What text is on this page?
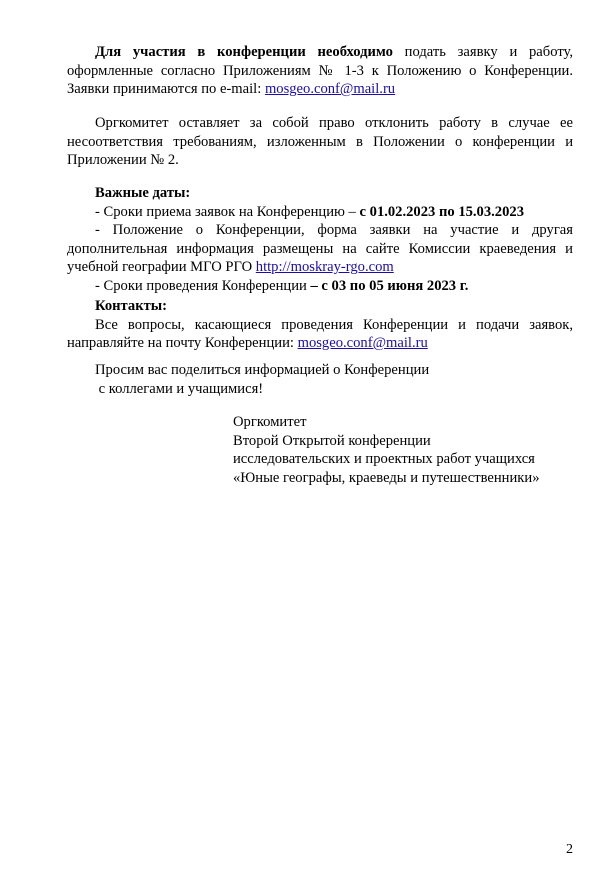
Для участия в конференции необходимо подать заявку и работу,
оформленные согласно Приложениям № 1-3 к Положению о Конференции.
Заявки принимаются по e-mail: mosgeo.conf@mail.ru
Оргкомитет оставляет за собой право отклонить работу в случае ее
несоответствия требованиям, изложенным в Положении о конференции и
Приложении № 2.
Важные даты:
- Сроки приема заявок на Конференцию – с 01.02.2023 по 15.03.2023
- Положение о Конференции, форма заявки на участие и другая
дополнительная информация размещены на сайте Комиссии краеведения и
учебной географии МГО РГО http://moskray-rgo.com
- Сроки проведения Конференции – с 03 по 05 июня 2023 г.
Контакты:
Все вопросы, касающиеся проведения Конференции и подачи заявок,
направляйте на почту Конференции: mosgeo.conf@mail.ru
Просим вас поделиться информацией о Конференции
с коллегами и учащимися!
Оргкомитет
Второй Открытой конференции
исследовательских и проектных работ учащихся
«Юные географы, краеведы и путешественники»
2
